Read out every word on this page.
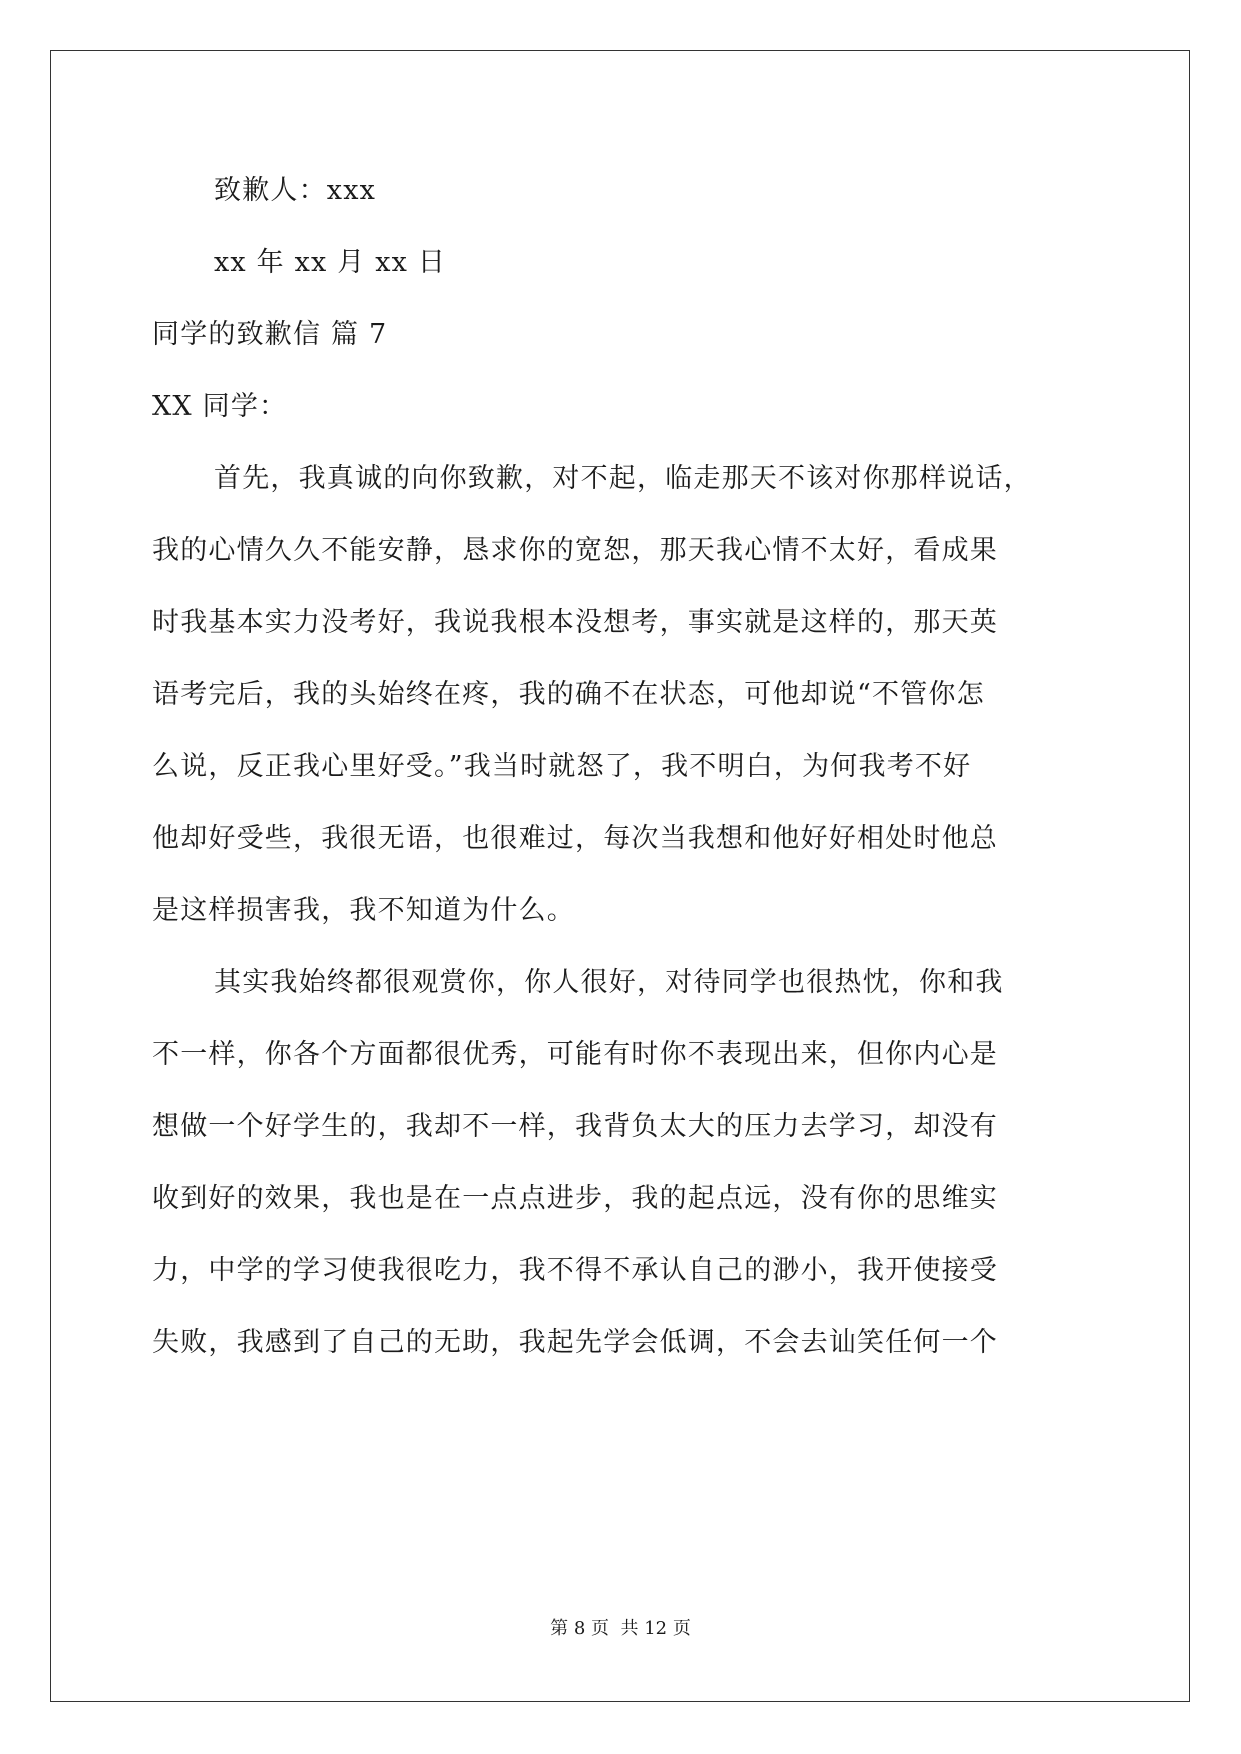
致歉人：xxx
xx 年 xx 月 xx 日
同学的致歉信 篇 7
XX 同学：
首先，我真诚的向你致歉，对不起，临走那天不该对你那样说话，
我的心情久久不能安静，恳求你的宽恕，那天我心情不太好，看成果
时我基本实力没考好，我说我根本没想考，事实就是这样的，那天英
语考完后，我的头始终在疼，我的确不在状态，可他却说“不管你怎
么说，反正我心里好受。”我当时就怒了，我不明白，为何我考不好
他却好受些，我很无语，也很难过，每次当我想和他好好相处时他总
是这样损害我，我不知道为什么。
其实我始终都很观赏你，你人很好，对待同学也很热忱，你和我
不一样，你各个方面都很优秀，可能有时你不表现出来，但你内心是
想做一个好学生的，我却不一样，我背负太大的压力去学习，却没有
收到好的效果，我也是在一点点进步，我的起点远，没有你的思维实
力，中学的学习使我很吃力，我不得不承认自己的渺小，我开使接受
失败，我感到了自己的无助，我起先学会低调，不会去讪笑任何一个
第 8 页  共 12 页
